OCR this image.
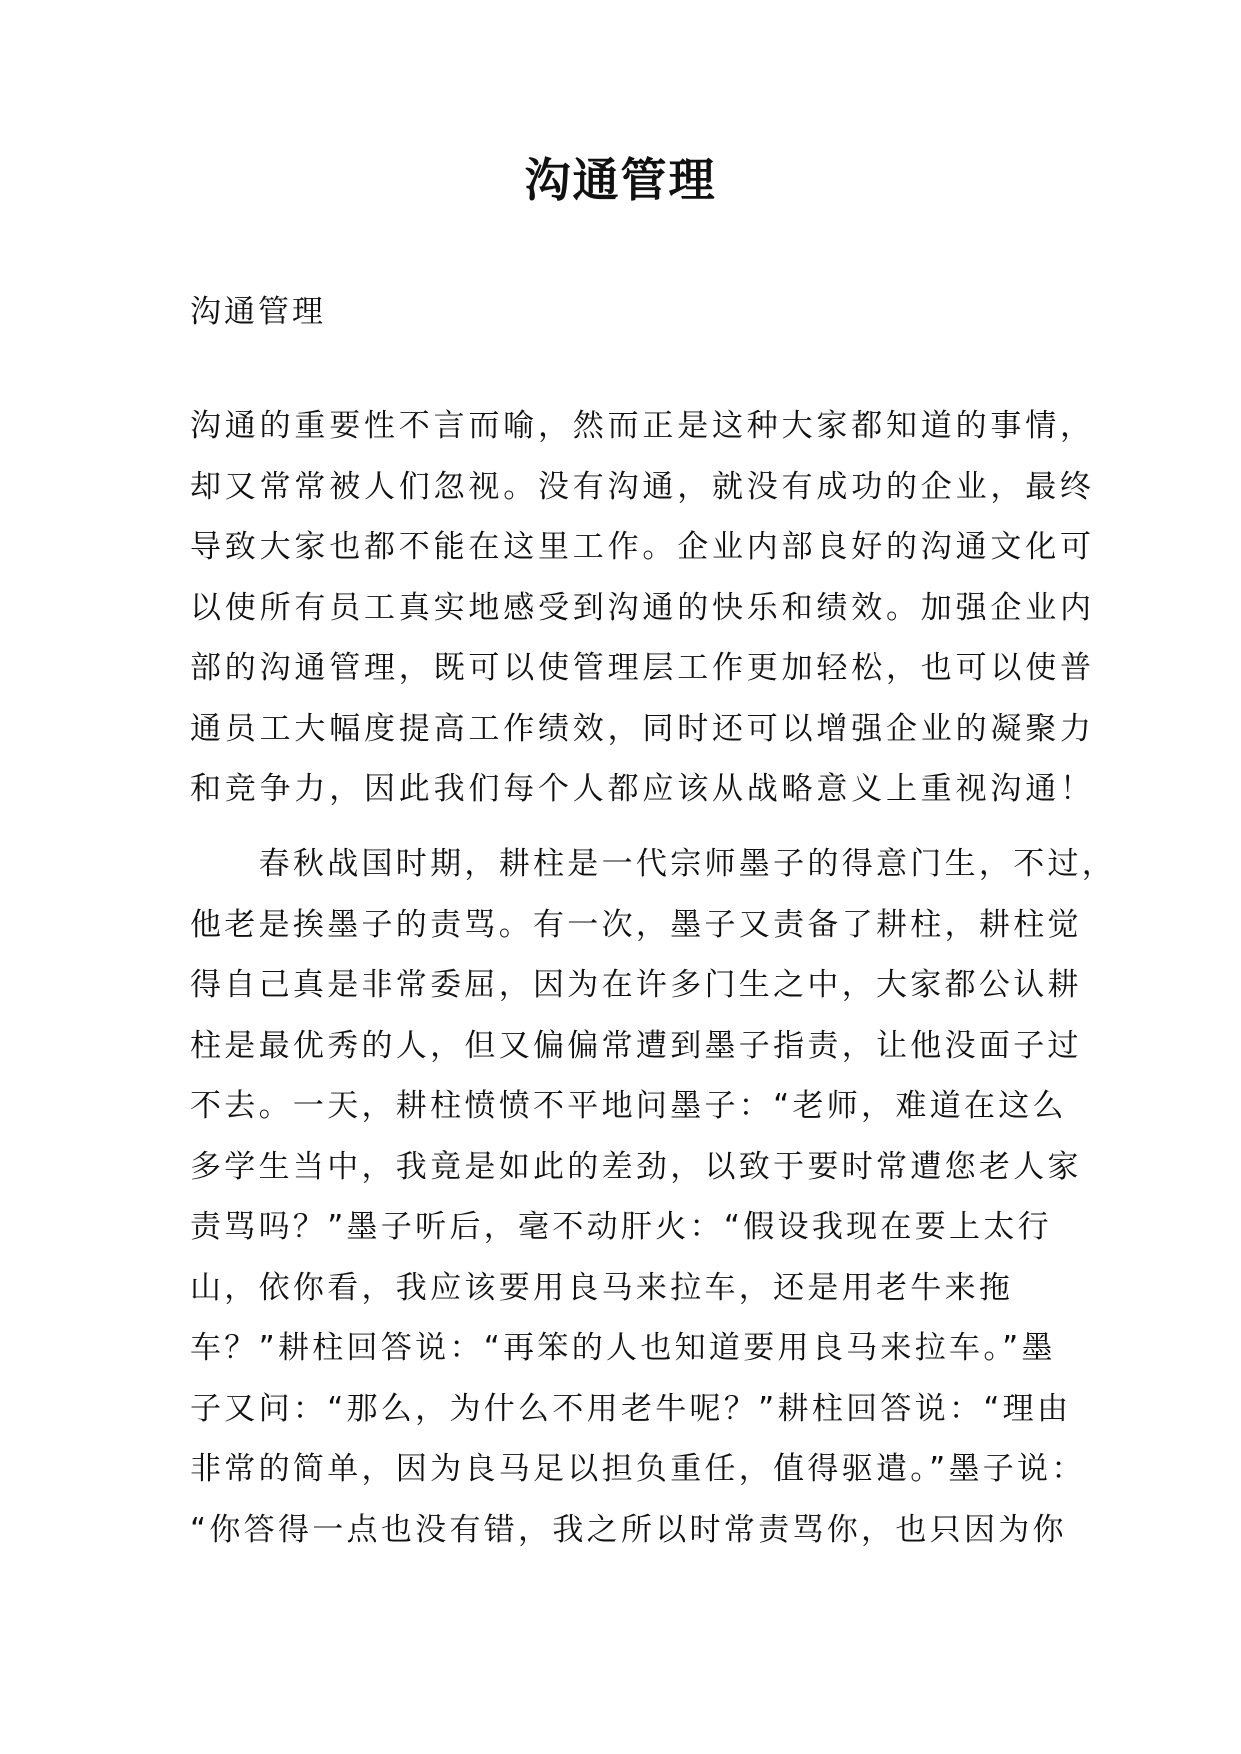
沟通管理

沟通管理

沟通的重要性不言而喻，然而正是这种大家都知道的事情，
却又常常被人们忽视。没有沟通，就没有成功的企业，最终
导致大家也都不能在这里工作。企业内部良好的沟通文化可
以使所有员工真实地感受到沟通的快乐和绩效。加强企业内
部的沟通管理，既可以使管理层工作更加轻松，也可以使普
通员工大幅度提高工作绩效，同时还可以增强企业的凝聚力
和竞争力，因此我们每个人都应该从战略意义上重视沟通！
　　春秋战国时期，耕柱是一代宗师墨子的得意门生，不过，
他老是挨墨子的责骂。有一次，墨子又责备了耕柱，耕柱觉
得自己真是非常委屈，因为在许多门生之中，大家都公认耕
柱是最优秀的人，但又偏偏常遭到墨子指责，让他没面子过
不去。一天，耕柱愤愤不平地问墨子：“老师，难道在这么
多学生当中，我竟是如此的差劲，以致于要时常遭您老人家
责骂吗？”墨子听后，毫不动肝火：“假设我现在要上太行
山，依你看，我应该要用良马来拉车，还是用老牛来拖
车？”耕柱回答说：“再笨的人也知道要用良马来拉车。”墨
子又问：“那么，为什么不用老牛呢？”耕柱回答说：“理由
非常的简单，因为良马足以担负重任，值得驱遣。”墨子说：
“你答得一点也没有错，我之所以时常责骂你，也只因为你
